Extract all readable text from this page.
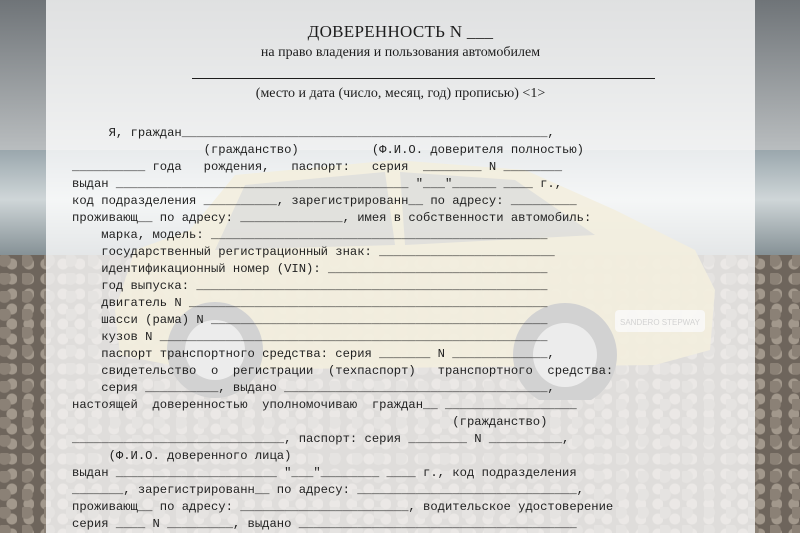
ДОВЕРЕННОСТЬ N ___
на право владения и пользования автомобилем
(место и дата (число, месяц, год) прописью) <1>
Я, граждан__________________________________________________,
(гражданство)          (Ф.И.О. доверителя полностью)
__________ года   рождения,   паспорт:   серия  ________ N ________
выдан ________________________________________ "___"______ ____ г.,
код подразделения __________, зарегистрированн__ по адресу: _________
проживающ__ по адресу: ______________, имея в собственности автомобиль:
марка, модель: ______________________________________________
государственный регистрационный знак: ________________________
идентификационный номер (VIN): ______________________________
год выпуска: ________________________________________________
двигатель N _________________________________________________
шасси (рама) N ______________________________________________
кузов N _____________________________________________________
паспорт транспортного средства: серия _______ N _____________,
свидетельство  о  регистрации  (техпаспорт)   транспортного  средства:
серия __________, выдано ____________________________________,
настоящей  доверенностью  уполномочиваю  граждан__ __________________
(гражданство)
_____________________________, паспорт: серия ________ N __________,
(Ф.И.О. доверенного лица)
выдан ______________________ "___"________ ____ г., код подразделения
_______, зарегистрированн__ по адресу: ______________________________,
проживающ__ по адресу: _______________________, водительское удостоверение
серия ____ N _________, выдано ______________________________________
